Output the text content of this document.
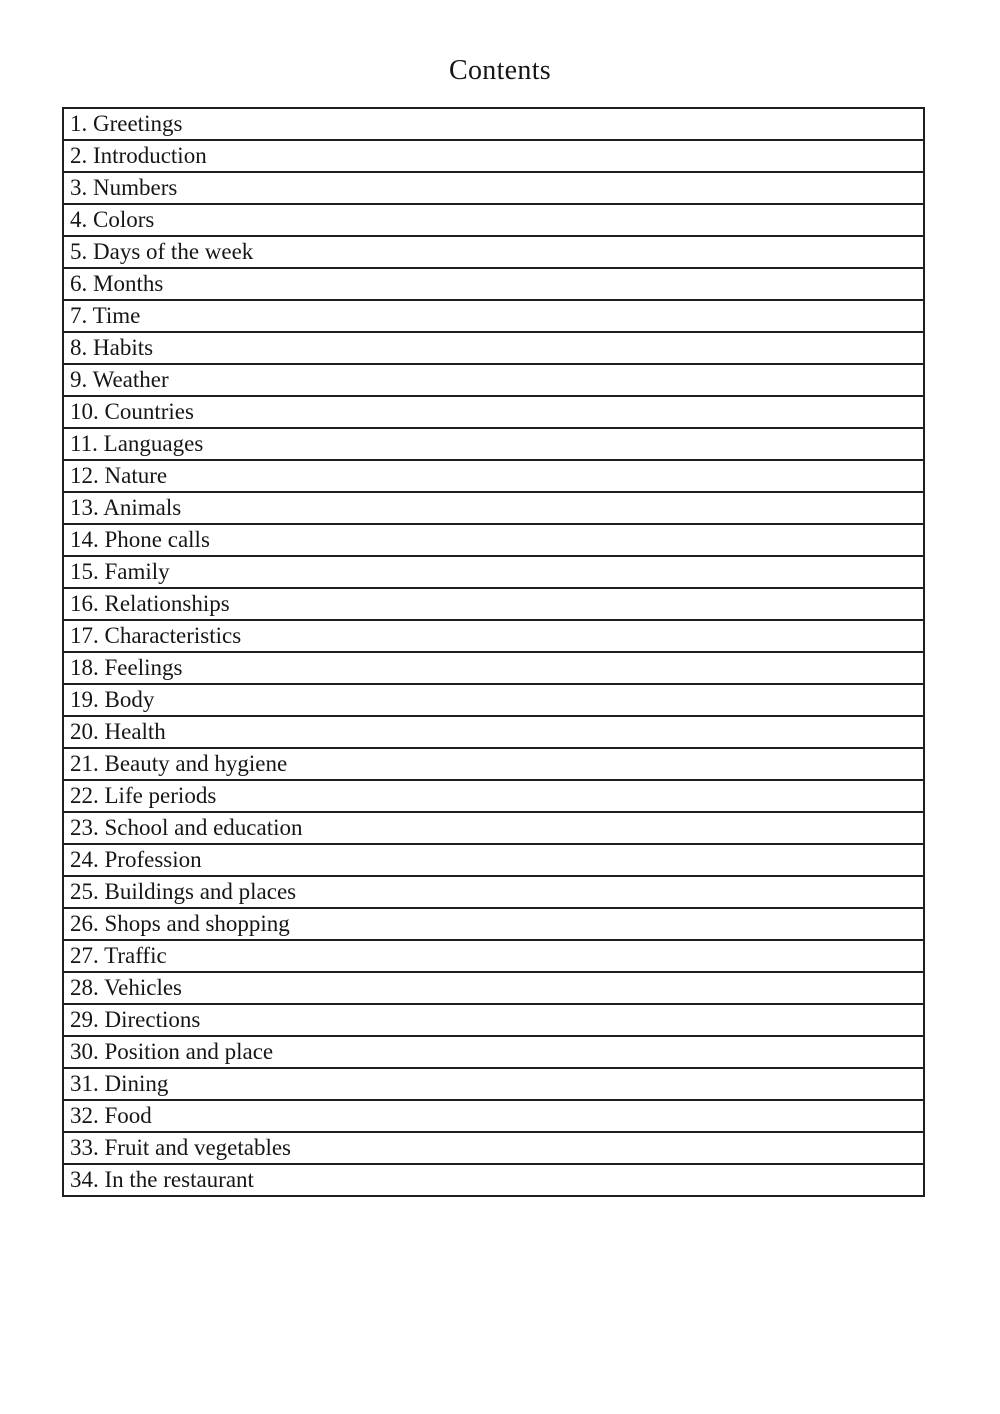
Contents
1. Greetings
2. Introduction
3. Numbers
4. Colors
5. Days of the week
6. Months
7. Time
8. Habits
9. Weather
10. Countries
11. Languages
12. Nature
13. Animals
14. Phone calls
15. Family
16. Relationships
17. Characteristics
18. Feelings
19. Body
20. Health
21. Beauty and hygiene
22. Life periods
23. School and education
24. Profession
25. Buildings and places
26. Shops and shopping
27. Traffic
28. Vehicles
29. Directions
30. Position and place
31. Dining
32. Food
33. Fruit and vegetables
34. In the restaurant
